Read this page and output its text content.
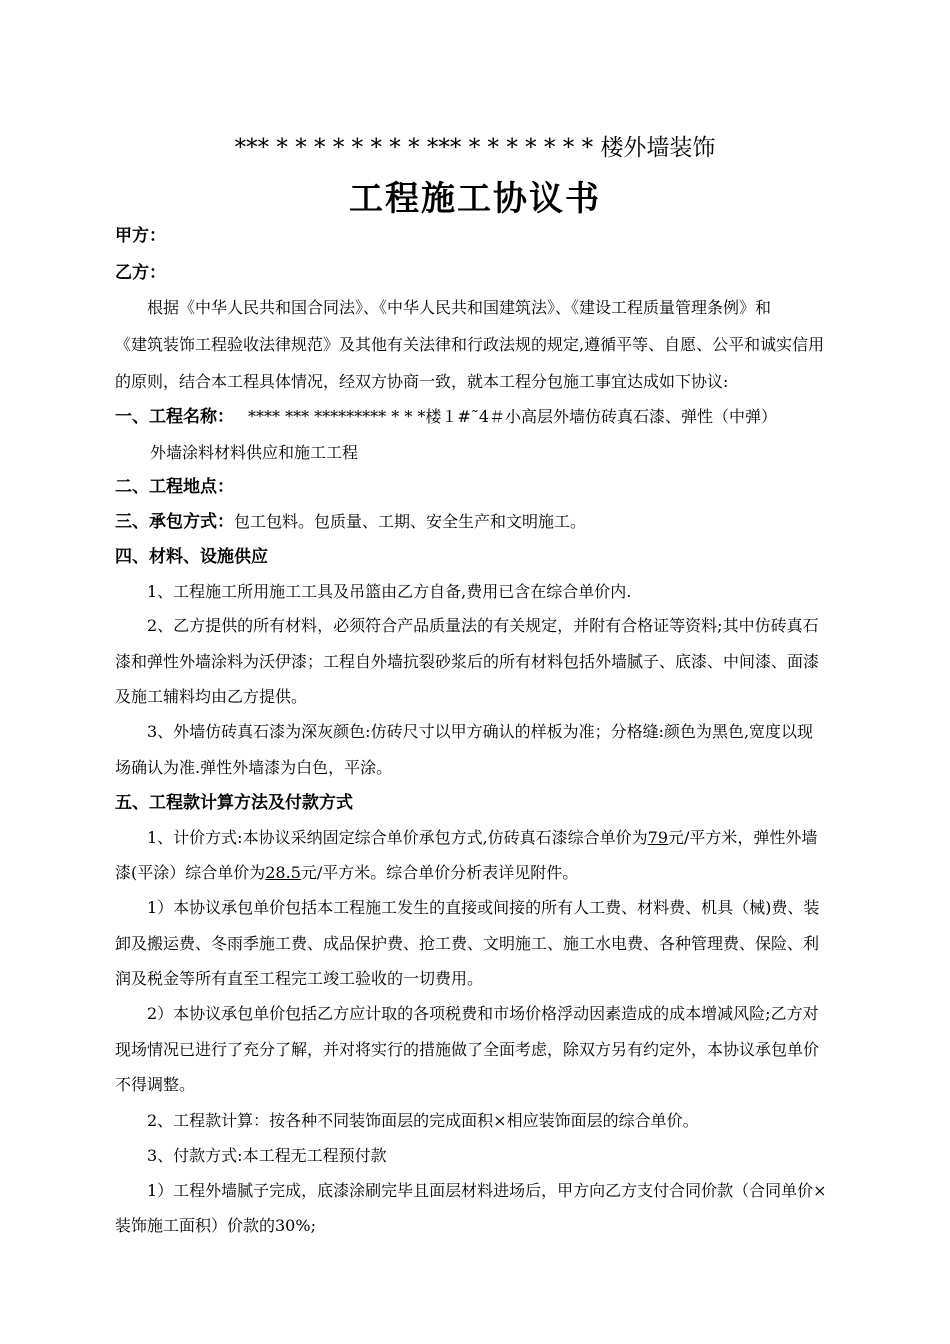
*** * * * * * * * * *** * * * * * * * 楼外墙装饰
工程施工协议书
甲方：
乙方：
根据《中华人民共和国合同法》、《中华人民共和国建筑法》、《建设工程质量管理条例》和
《建筑装饰工程验收法律规范》及其他有关法律和行政法规的规定,遵循平等、自愿、公平和诚实信用
的原则，结合本工程具体情况，经双方协商一致，就本工程分包施工事宜达成如下协议:
一、工程名称： **** *** ********* * * *楼１#˜4＃小高层外墙仿砖真石漆、弹性（中弹）
外墙涂料材料供应和施工工程
二、工程地点：
三、承包方式：包工包料。包质量、工期、安全生产和文明施工。
四、材料、设施供应
1、工程施工所用施工工具及吊篮由乙方自备,费用已含在综合单价内.
2、乙方提供的所有材料，必须符合产品质量法的有关规定，并附有合格证等资料;其中仿砖真石
漆和弹性外墙涂料为沃伊漆；工程自外墙抗裂砂浆后的所有材料包括外墙腻子、底漆、中间漆、面漆
及施工辅料均由乙方提供。
3、外墙仿砖真石漆为深灰颜色:仿砖尺寸以甲方确认的样板为准；分格缝:颜色为黑色,宽度以现
场确认为准.弹性外墙漆为白色，平涂。
五、工程款计算方法及付款方式
1、计价方式:本协议采纳固定综合单价承包方式,仿砖真石漆综合单价为79元/平方米，弹性外墙
漆(平涂）综合单价为28.5元/平方米。综合单价分析表详见附件。
1）本协议承包单价包括本工程施工发生的直接或间接的所有人工费、材料费、机具（械)费、装
卸及搬运费、冬雨季施工费、成品保护费、抢工费、文明施工、施工水电费、各种管理费、保险、利
润及税金等所有直至工程完工竣工验收的一切费用。
2）本协议承包单价包括乙方应计取的各项税费和市场价格浮动因素造成的成本增减风险;乙方对
现场情况已进行了充分了解，并对将实行的措施做了全面考虑，除双方另有约定外，本协议承包单价
不得调整。
2、工程款计算：按各种不同装饰面层的完成面积×相应装饰面层的综合单价。
3、付款方式:本工程无工程预付款
1）工程外墙腻子完成，底漆涂刷完毕且面层材料进场后，甲方向乙方支付合同价款（合同单价×
装饰施工面积）价款的30%;
